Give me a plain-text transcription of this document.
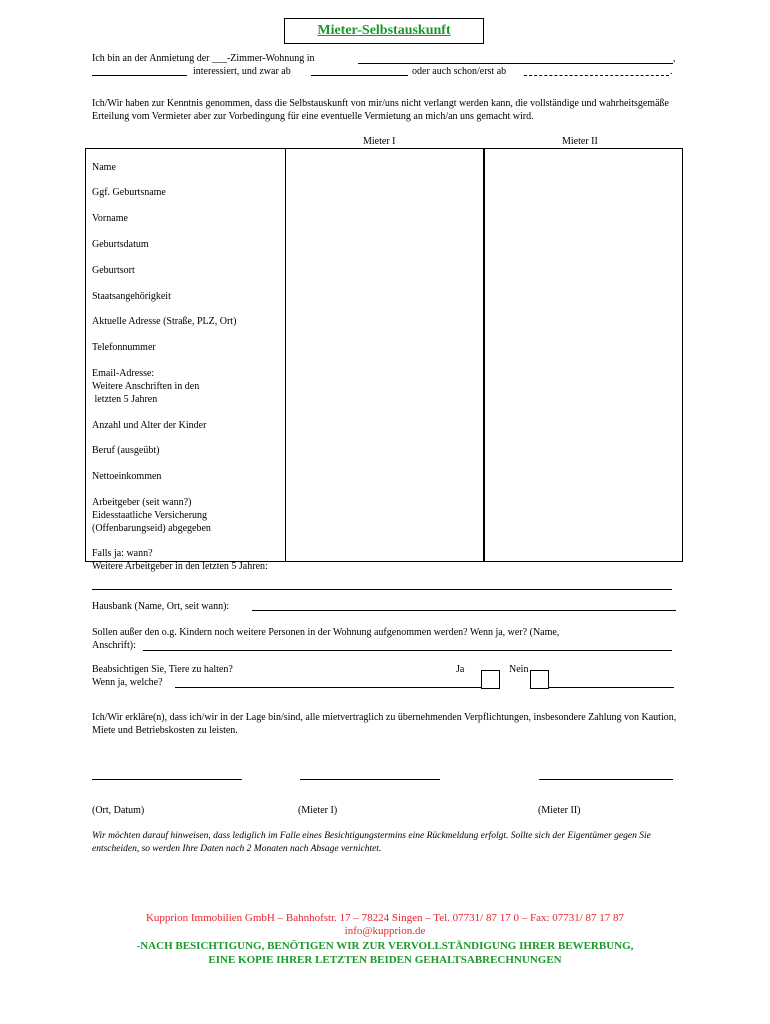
Mieter-Selbstauskunft
Ich bin an der Anmietung der ___-Zimmer-Wohnung in	,
interessiert, und zwar ab	oder auch schon/erst ab	.
Ich/Wir haben zur Kenntnis genommen, dass die Selbstauskunft von mir/uns nicht verlangt werden kann, die vollständige und wahrheitsgemäße Erteilung vom Vermieter aber zur Vorbedingung für eine eventuelle Vermietung an mich/an uns gemacht wird.
Mieter I	Mieter II
Name
Ggf. Geburtsname
Vorname
Geburtsdatum
Geburtsort
Staatsangehörigkeit
Aktuelle Adresse (Straße, PLZ, Ort)
Telefonnummer
Email-Adresse:
Weitere Anschriften in den
letzten 5 Jahren
Anzahl und Alter der Kinder
Beruf (ausgeübt)
Nettoeinkommen
Arbeitgeber (seit wann?)
Eidesstaatliche Versicherung
(Offenbarungseid) abgegeben
Falls ja: wann?
Weitere Arbeitgeber in den letzten 5 Jahren:
Hausbank (Name, Ort, seit wann):
Sollen außer den o.g. Kindern noch weitere Personen in der Wohnung aufgenommen werden? Wenn ja, wer? (Name,
Anschrift):
Beabsichtigen Sie, Tiere zu halten?	Ja	Nein
Wenn ja, welche?
Ich/Wir erkläre(n), dass ich/wir in der Lage bin/sind, alle mietvertraglich zu übernehmenden Verpflichtungen, insbesondere Zahlung von Kaution, Miete und Betriebskosten zu leisten.
(Ort, Datum)	(Mieter I)	(Mieter II)
Wir möchten darauf hinweisen, dass lediglich im Falle eines Besichtigungstermins eine Rückmeldung erfolgt. Sollte sich der Eigentümer gegen Sie entscheiden, so werden Ihre Daten nach 2 Monaten nach Absage vernichtet.
Kupprion Immobilien GmbH – Bahnhofstr. 17 – 78224 Singen – Tel. 07731/ 87 17 0 – Fax: 07731/ 87 17 87
info@kupprion.de
-NACH BESICHTIGUNG, BENÖTIGEN WIR ZUR VERVOLLSTÄNDIGUNG IHRER BEWERBUNG,
EINE KOPIE IHRER LETZTEN BEIDEN GEHALTSABRECHNUNGEN
